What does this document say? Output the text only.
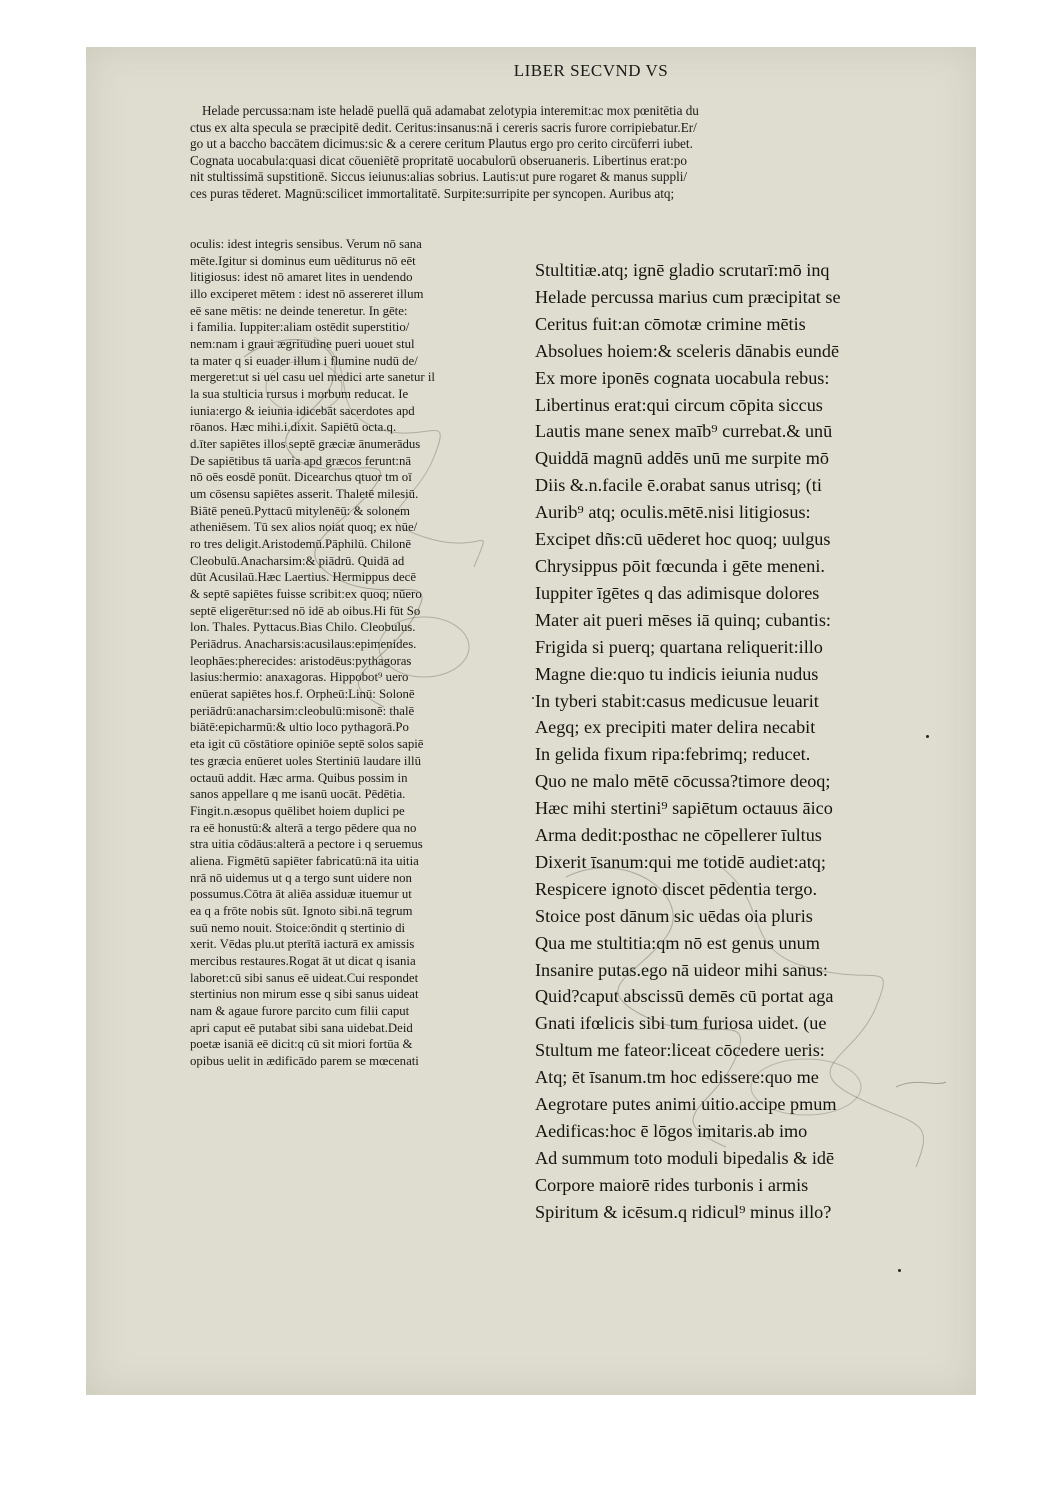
LIBER SECVND VS
Helade percussa:nam iste heladē puellā quā adamabat zelotypia interemit:ac mox pœnitētia du
ctus ex alta specula se præcipitē dedit. Ceritus:insanus:nā i cereris sacris furore corripiebatur.Er/
go ut a baccho baccātem dicimus:sic & a cerere ceritum Plautus ergo pro cerito circūferri iubet.
Cognata uocabula:quasi dicat cōueniētē propritatē uocabulorū obseruaneris. Libertinus erat:po
nit stultissimā supstitionē. Siccus ieiunus:alias sobrius. Lautis:ut pure rogaret & manus suppli/
ces puras tēderet. Magnū:scilicet immortalitatē. Surpite:surripite per syncopen. Auribus atq;
oculis: idest integris sensibus. Verum nō sana
mēte.Igitur si dominus eum uēditurus nō eēt
litigiosus: idest nō amaret lites in uendendo
illo exciperet mētem : idest nō assereret illum
eē sane mētis: ne deinde teneretur. In gēte:
i familia. Iuppiter:aliam ostēdit superstitio/
nem:nam i graui ægritudine pueri uouet stul
ta mater q si euader illum i flumine nudū de/
mergeret:ut si uel casu uel medici arte sanetur il
la sua stulticia rursus i morbum reducat. Ie
iunia:ergo & ieiunia idicebāt sacerdotes apd
rōanos. Hæc mihi.i.dixit. Sapiētū octa.q.
d.īter sapiētes illos septē græciæ ānumerādus
De sapiētibus tā uaria apd græcos ferunt:nā
nō oēs eosdē ponūt. Dicearchus qtuor tm oī
um cōsensu sapiētes asserit. Thaletē milesiū.
Biātē peneū.Pyttacū mitylenēū: & solonem
atheniēsem. Tū sex alios noiat quoq; ex nūe/
ro tres deligit.Aristodemū.Pāphilū. Chilonē
Cleobulū.Anacharsim:& piādrū. Quidā ad
dūt Acusilaū.Hæc Laertius. Hermippus decē
& septē sapiētes fuisse scribit:ex quoq; nūero
septē eligerētur:sed nō idē ab oibus.Hi fūt So
lon. Thales. Pyttacus.Bias Chilo. Cleobulus.
Periādrus. Anacharsis:acusilaus:epimenides.
leophāes:pherecides: aristodēus:pythagoras
lasius:hermio: anaxagoras. Hippobot⁹ uero
enūerat sapiētes hos.f. Orpheū:Linū: Solonē
periādrū:anacharsim:cleobulū:misonē: thalē
biātē:epicharmū:& ultio loco pythagorā.Po
eta igit cū cōstātiore opiniōe septē solos sapiē
tes græcia enūeret uoles Stertiniū laudare illū
octauū addit. Hæc arma. Quibus possim in
sanos appellare q me isanū uocāt. Pēdētia.
Fingit.n.æsopus quēlibet hoiem duplici pe
ra eē honustū:& alterā a tergo pēdere qua no
stra uitia cōdāus:alterā a pectore i q seruemus
aliena. Figmētū sapiēter fabricatū:nā ita uitia
nrā nō uidemus ut q a tergo sunt uidere non
possumus.Cōtra āt aliēa assiduæ ituemur ut
ea q a frōte nobis sūt. Ignoto sibi.nā tegrum
suū nemo nouit. Stoice:ōndit q stertinio di
xerit. Vēdas plu.ut pterītā iacturā ex amissis
mercibus restaures.Rogat āt ut dicat q isania
laboret:cū sibi sanus eē uideat.Cui respondet
stertinius non mirum esse q sibi sanus uideat
nam & agaue furore parcito cum filii caput
apri caput eē putabat sibi sana uidebat.Deid
poetæ isaniā eē dicit:q cū sit miori fortūa &
opibus uelit in ædificādo parem se mœcenati
Stultitiæ.atq; ignē gladio scrutarī:mō inq
Helade percussa marius cum præcipitat se
Ceritus fuit:an cōmotæ crimine mētis
Absolues hoiem:& sceleris dānabis eundē
Ex more iponēs cognata uocabula rebus:
Libertinus erat:qui circum cōpita siccus
Lautis mane senex maīb⁹ currebat.& unū
Quiddā magnū addēs unū me surpite mō
Diis &.n.facile ē.orabat sanus utrisq; (ti
Aurib⁹ atq; oculis.mētē.nisi litigiosus:
Excipet dñs:cū uēderet hoc quoq; uulgus
Chrysippus pōit fœcunda i gēte meneni.
Iuppiter īgētes q das adimisque dolores
Mater ait pueri mēses iā quinq; cubantis:
Frigida si puerq; quartana reliquerit:illo
Magne die:quo tu indicis ieiunia nudus
In tyberi stabit:casus medicusue leuarit
Aegq; ex precipiti mater delira necabit
In gelida fixum ripa:febrimq; reducet.
Quo ne malo mētē cōcussa?timore deoq;
Hæc mihi stertini⁹ sapiētum octauus āico
Arma dedit:posthac ne cōpellerer īultus
Dixerit īsanum:qui me totidē audiet:atq;
Respicere ignoto discet pēdentia tergo.
Stoice post dānum sic uēdas oia pluris
Qua me stultitia:qm nō est genus unum
Insanire putas.ego nā uideor mihi sanus:
Quid?caput abscissū demēs cū portat aga
Gnati ifœlicis sibi tum furiosa uidet. (ue
Stultum me fateor:liceat cōcedere ueris:
Atq; ēt īsanum.tm hoc edissere:quo me
Aegrotare putes animi uitio.accipe pmum
Aedificas:hoc ē lōgos imitaris.ab imo
Ad summum toto moduli bipedalis & idē
Corpore maiorē rides turbonis i armis
Spiritum & icēsum.q ridicul⁹ minus illo?
